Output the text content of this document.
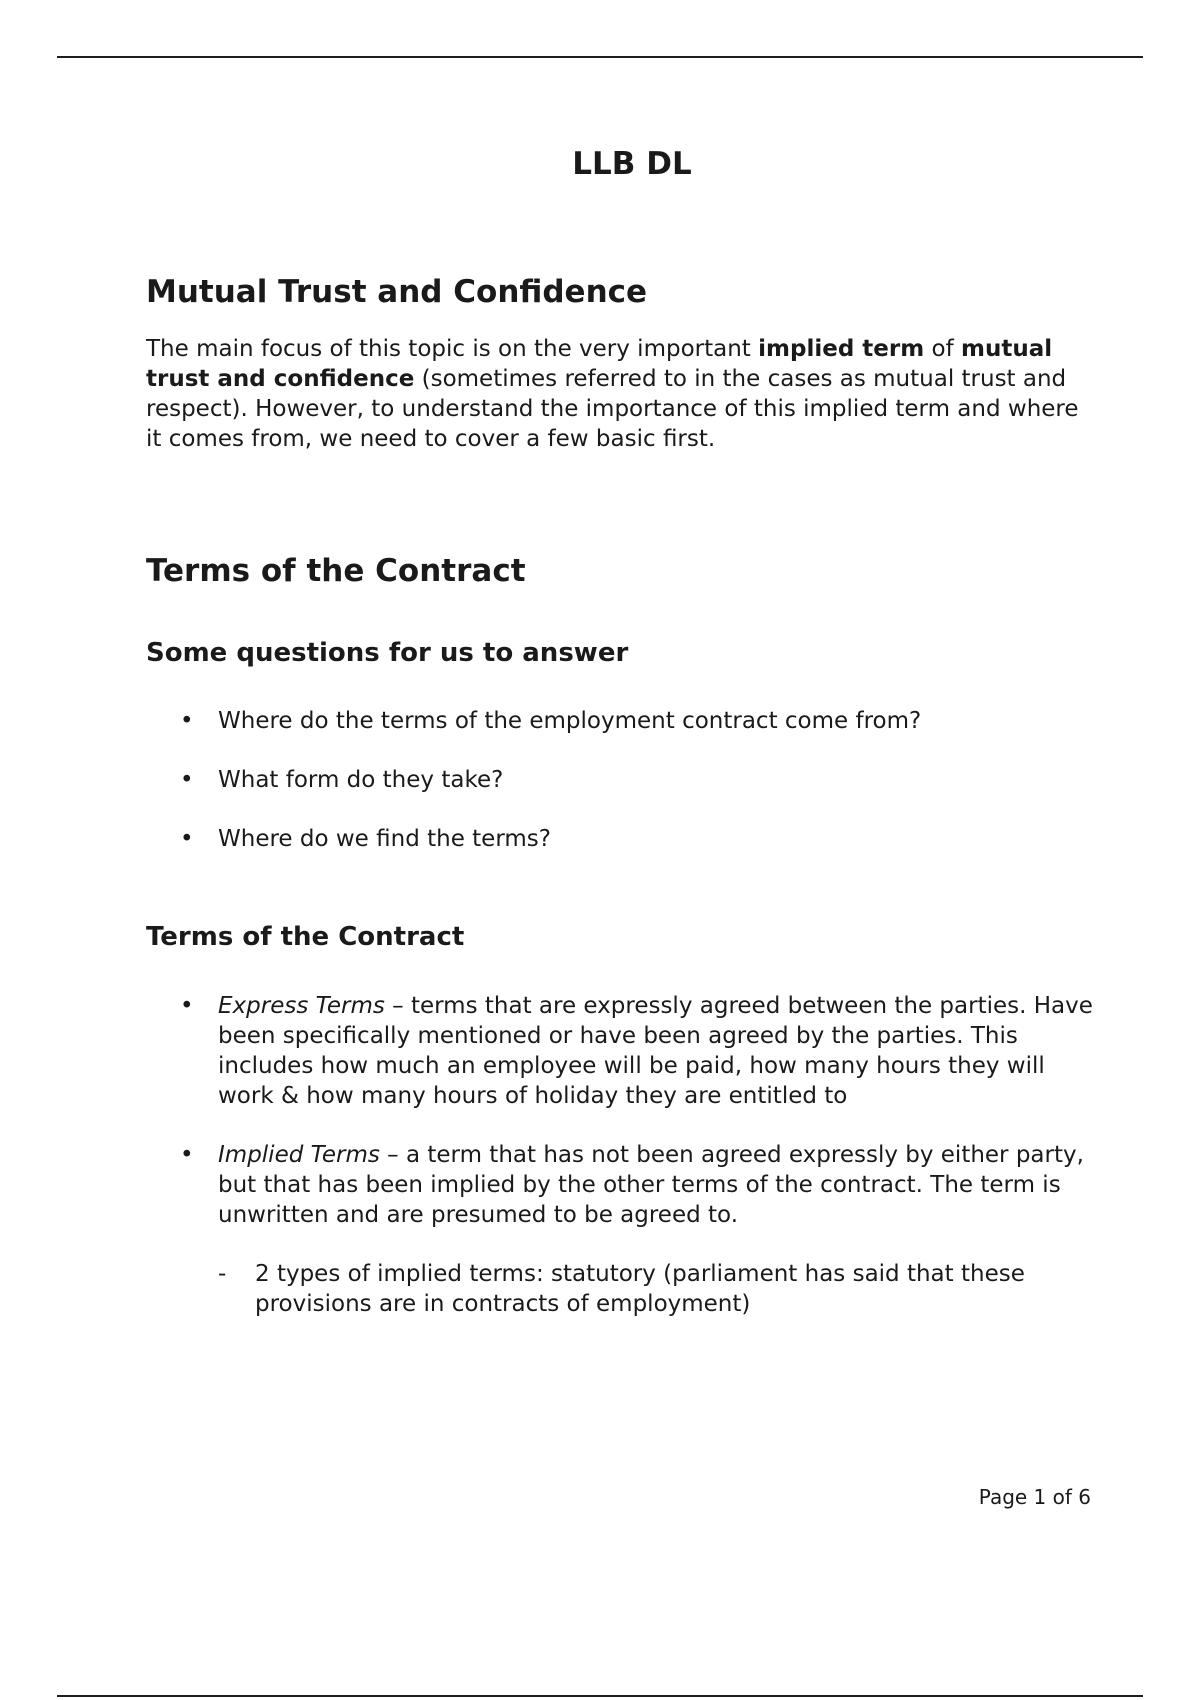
LLB DL
Mutual Trust and Confidence

The main focus of this topic is on the very important implied term of mutual trust and confidence (sometimes referred to in the cases as mutual trust and respect). However, to understand the importance of this implied term and where it comes from, we need to cover a few basic first.

Terms of the Contract
Some questions for us to answer
• Where do the terms of the employment contract come from?
• What form do they take?
• Where do we find the terms?
Terms of the Contract
• Express Terms – terms that are expressly agreed between the parties. Have been specifically mentioned or have been agreed by the parties. This includes how much an employee will be paid, how many hours they will work & how many hours of holiday they are entitled to
• Implied Terms – a term that has not been agreed expressly by either party, but that has been implied by the other terms of the contract. The term is unwritten and are presumed to be agreed to.
- 2 types of implied terms: statutory (parliament has said that these provisions are in contracts of employment)

Page 1 of 6
